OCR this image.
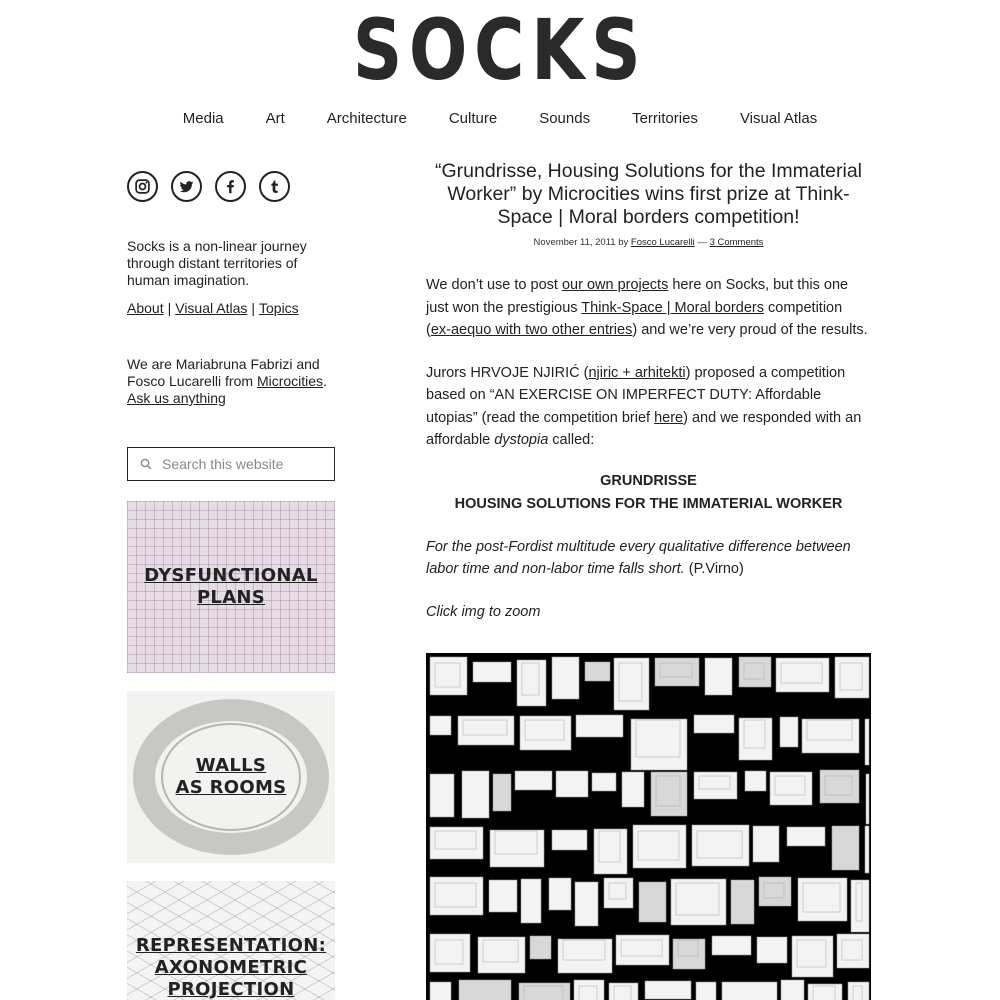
SOCKS
Media	Art	Architecture	Culture	Sounds	Territories	Visual Atlas

Socks is a non-linear journey through distant territories of human imagination.

About | Visual Atlas | Topics

We are Mariabruna Fabrizi and Fosco Lucarelli from Microcities.
Ask us anything

Search this website
DYSFUNCTIONAL
PLANS
WALLS
AS ROOMS
REPRESENTATION:
AXONOMETRIC
PROJECTION
“Grundrisse, Housing Solutions for the Immaterial Worker” by Microcities wins first prize at Think-Space | Moral borders competition!
November 11, 2011 by Fosco Lucarelli — 3 Comments

We don’t use to post our own projects here on Socks, but this one just won the prestigious Think-Space | Moral borders competition (ex-aequo with two other entries) and we’re very proud of the results.

Jurors HRVOJE NJIRIĆ (njiric + arhitekti) proposed a competition based on “AN EXERCISE ON IMPERFECT DUTY: Affordable utopias” (read the competition brief here) and we responded with an affordable dystopia called:

GRUNDRISSE
HOUSING SOLUTIONS FOR THE IMMATERIAL WORKER

For the post-Fordist multitude every qualitative difference between labor time and non-labor time falls short. (P.Virno)

Click img to zoom
